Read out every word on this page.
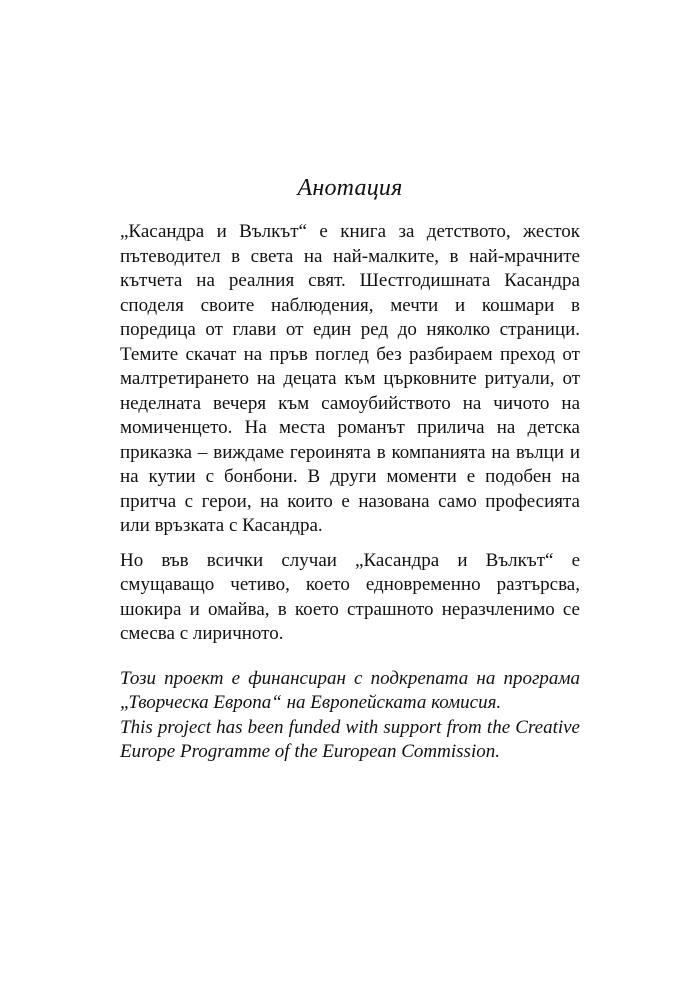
Анотация

„Касандра и Вълкът“ е книга за детството, жесток пътеводител в света на най-малките, в най-мрачните кътчета на реалния свят. Шестгодишната Касандра споделя своите наблюдения, мечти и кошмари в поредица от глави от един ред до няколко страници. Темите скачат на пръв поглед без разбираем преход от малтретирането на децата към църковните ритуали, от неделната вечеря към самоубийството на чичото на момиченцето. На места романът прилича на детска приказка – виждаме героинята в компанията на вълци и на кутии с бонбони. В други моменти е подобен на притча с герои, на които е назована само професията или връзката с Касандра.

Но във всички случаи „Касандра и Вълкът“ е смущаващо четиво, което едновременно разтърсва, шокира и омайва, в което страшното неразчленимо се смесва с лиричното.

Този проект е финансиран с подкрепата на програма „Творческа Европа“ на Европейската комисия.

This project has been funded with support from the Creative Europe Programme of the European Commission.
